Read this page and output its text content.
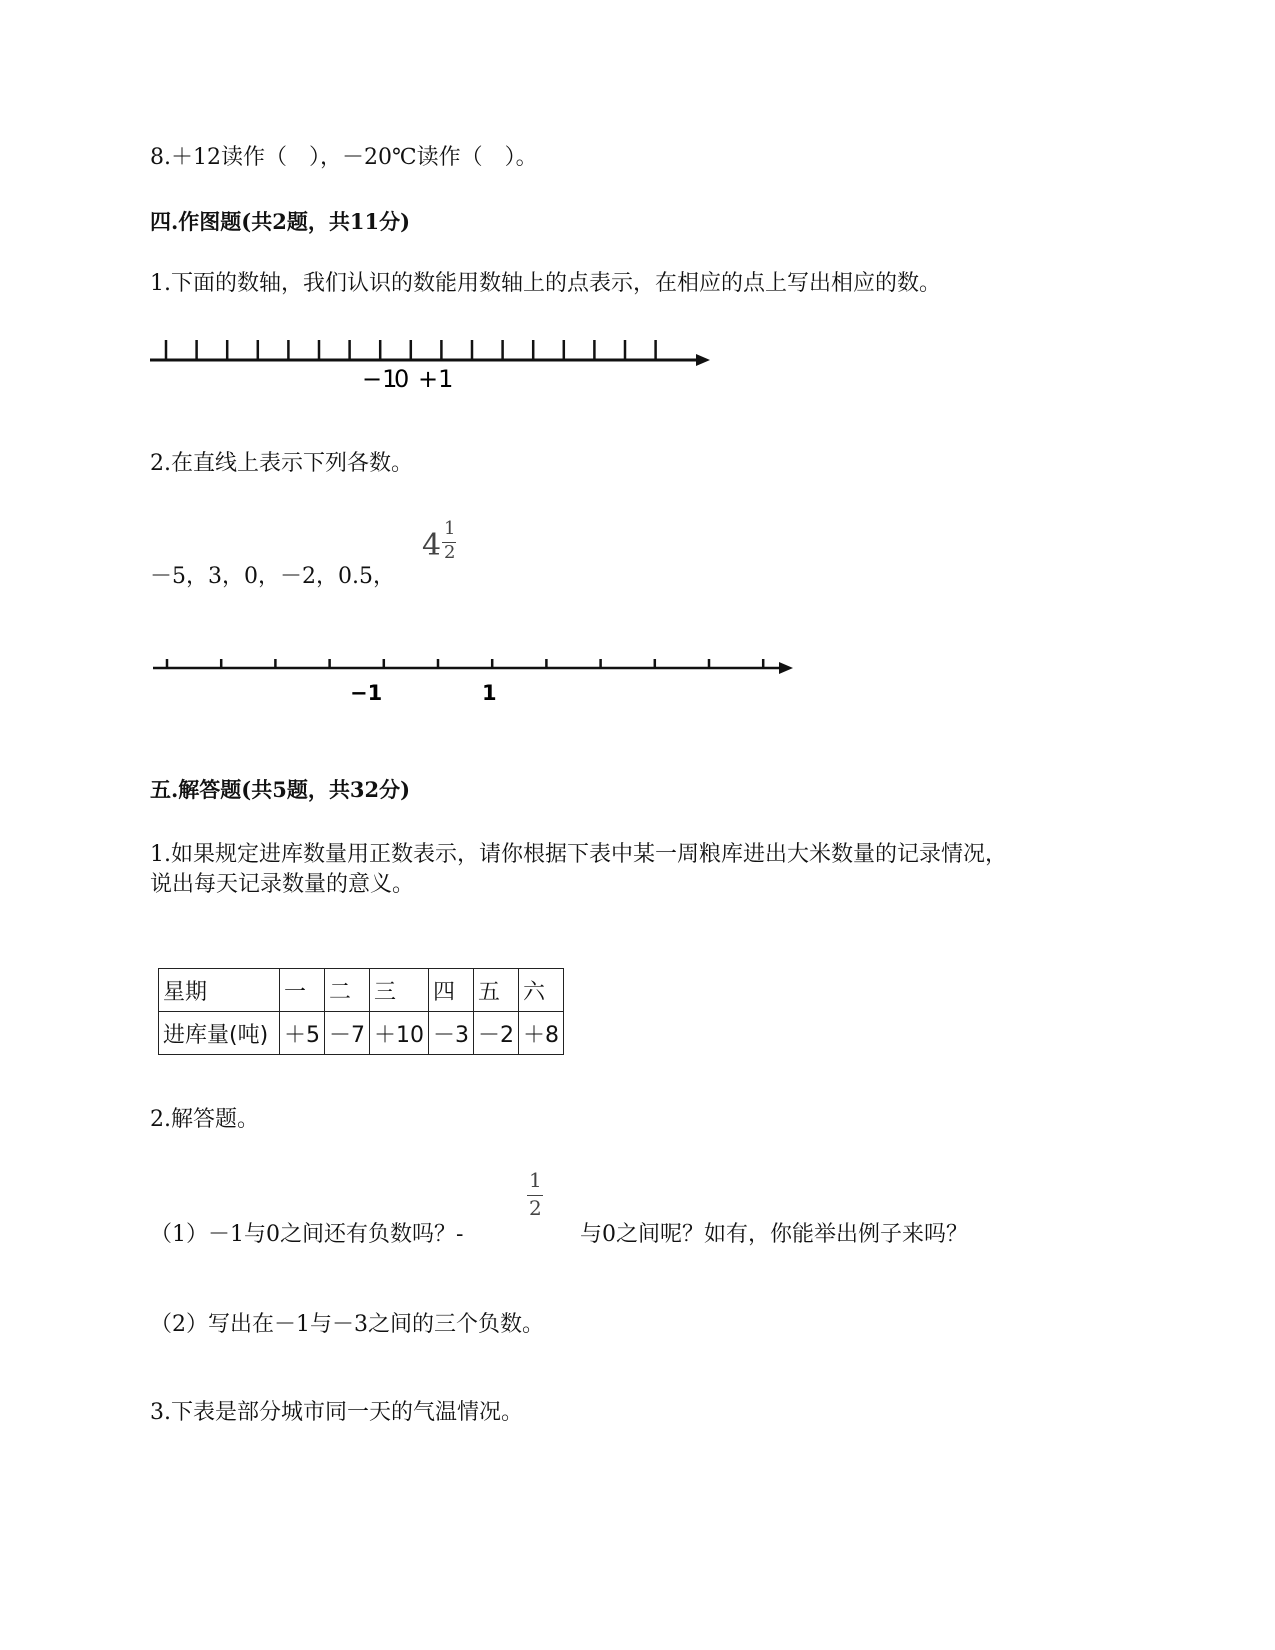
8.＋12读作（　），－20℃读作（　）。
四.作图题(共2题，共11分)
1.下面的数轴，我们认识的数能用数轴上的点表示，在相应的点上写出相应的数。
−1
0 +1
2.在直线上表示下列各数。
－5，3，0，－2，0.5，
4 1
2
−1	1
五.解答题(共5题，共32分)
1.如果规定进库数量用正数表示，请你根据下表中某一周粮库进出大米数量的记录情况，
说出每天记录数量的意义。
星期	一	二	三	四	五	六
进库量(吨)	＋5	－7	＋10	－3	－2	＋8
2.解答题。
（1）－1与0之间还有负数吗？-
1
2
与0之间呢？如有，你能举出例子来吗？
（2）写出在－1与－3之间的三个负数。
3.下表是部分城市同一天的气温情况。
